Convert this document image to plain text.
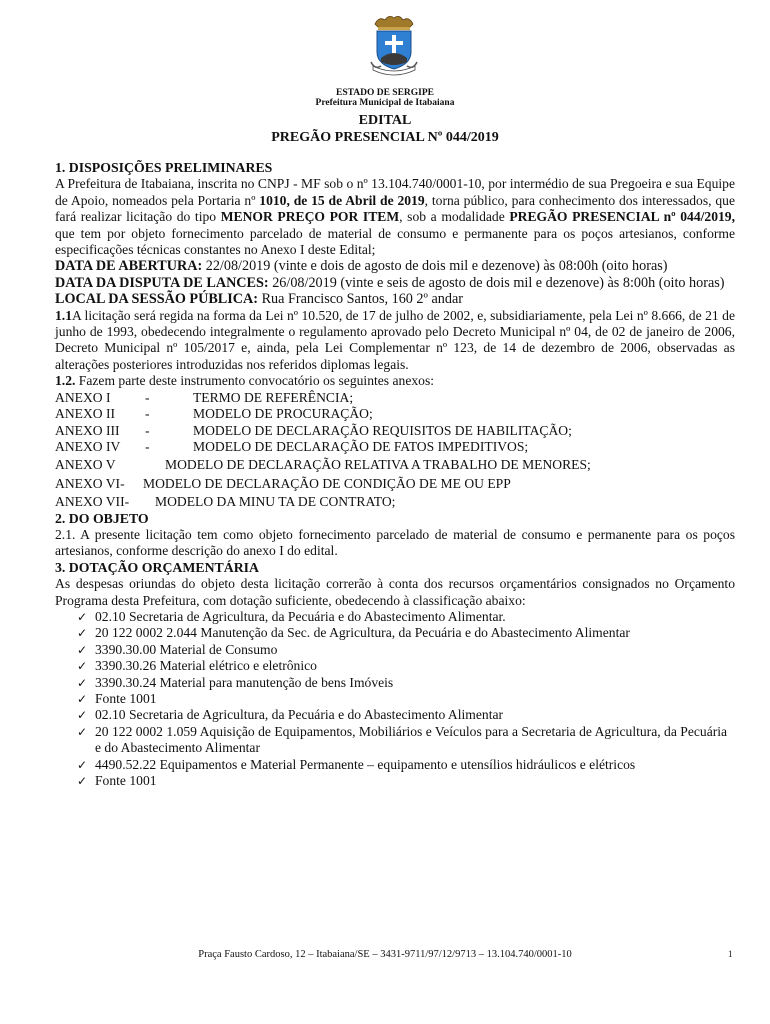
ESTADO DE SERGIPE
Prefeitura Municipal de Itabaiana
EDITAL
PREGÃO PRESENCIAL Nº 044/2019

1. DISPOSIÇÕES PRELIMINARES

A Prefeitura de Itabaiana, inscrita no CNPJ - MF sob o nº 13.104.740/0001-10, por intermédio de sua Pregoeira e sua Equipe de Apoio, nomeados pela Portaria nº 1010, de 15 de Abril de 2019, torna público, para conhecimento dos interessados, que fará realizar licitação do tipo MENOR PREÇO POR ITEM, sob a modalidade PREGÃO PRESENCIAL nº 044/2019, que tem por objeto fornecimento parcelado de material de consumo e permanente para os poços artesianos, conforme especificações técnicas constantes no Anexo I deste Edital;

DATA DE ABERTURA: 22/08/2019 (vinte e dois de agosto de dois mil e dezenove) às 08:00h (oito horas)

DATA DA DISPUTA DE LANCES: 26/08/2019 (vinte e seis de agosto de dois mil e dezenove) às 8:00h (oito horas)

LOCAL DA SESSÃO PÚBLICA: Rua Francisco Santos, 160 2º andar

1.1A licitação será regida na forma da Lei nº 10.520, de 17 de julho de 2002, e, subsidiariamente, pela Lei nº 8.666, de 21 de junho de 1993, obedecendo integralmente o regulamento aprovado pelo Decreto Municipal nº 04, de 02 de janeiro de 2006, Decreto Municipal nº 105/2017 e, ainda, pela Lei Complementar nº 123, de 14 de dezembro de 2006, observadas as alterações posteriores introduzidas nos referidos diplomas legais.

1.2. Fazem parte deste instrumento convocatório os seguintes anexos:

ANEXO I	-	TERMO DE REFERÊNCIA;
ANEXO II	-	MODELO DE PROCURAÇÃO;
ANEXO III	-	MODELO DE DECLARAÇÃO REQUISITOS DE HABILITAÇÃO;
ANEXO IV	-	MODELO DE DECLARAÇÃO DE FATOS IMPEDITIVOS;
ANEXO V	MODELO DE DECLARAÇÃO RELATIVA A TRABALHO DE MENORES;
ANEXO VI-	MODELO DE DECLARAÇÃO DE CONDIÇÃO DE ME OU EPP
ANEXO VII-	MODELO DA MINU TA DE CONTRATO;

2. DO OBJETO

2.1. A presente licitação tem como objeto fornecimento parcelado de material de consumo e permanente para os poços artesianos, conforme descrição do anexo I do edital.

3. DOTAÇÃO ORÇAMENTÁRIA

As despesas oriundas do objeto desta licitação correrão à conta dos recursos orçamentários consignados no Orçamento Programa desta Prefeitura, com dotação suficiente, obedecendo à classificação abaixo:

✓ 02.10 Secretaria de Agricultura, da Pecuária e do Abastecimento Alimentar.
✓ 20 122 0002 2.044 Manutenção da Sec. de Agricultura, da Pecuária e do Abastecimento Alimentar
✓ 3390.30.00 Material de Consumo
✓ 3390.30.26 Material elétrico e eletrônico
✓ 3390.30.24 Material para manutenção de bens Imóveis
✓ Fonte 1001
✓ 02.10 Secretaria de Agricultura, da Pecuária e do Abastecimento Alimentar
✓ 20 122 0002 1.059 Aquisição de Equipamentos, Mobiliários e Veículos para a Secretaria de Agricultura, da Pecuária e do Abastecimento Alimentar
✓ 4490.52.22 Equipamentos e Material Permanente – equipamento e utensílios hidráulicos e elétricos
✓ Fonte 1001
Praça Fausto Cardoso, 12 – Itabaiana/SE – 3431-9711/97/12/9713 – 13.104.740/0001-10	1
